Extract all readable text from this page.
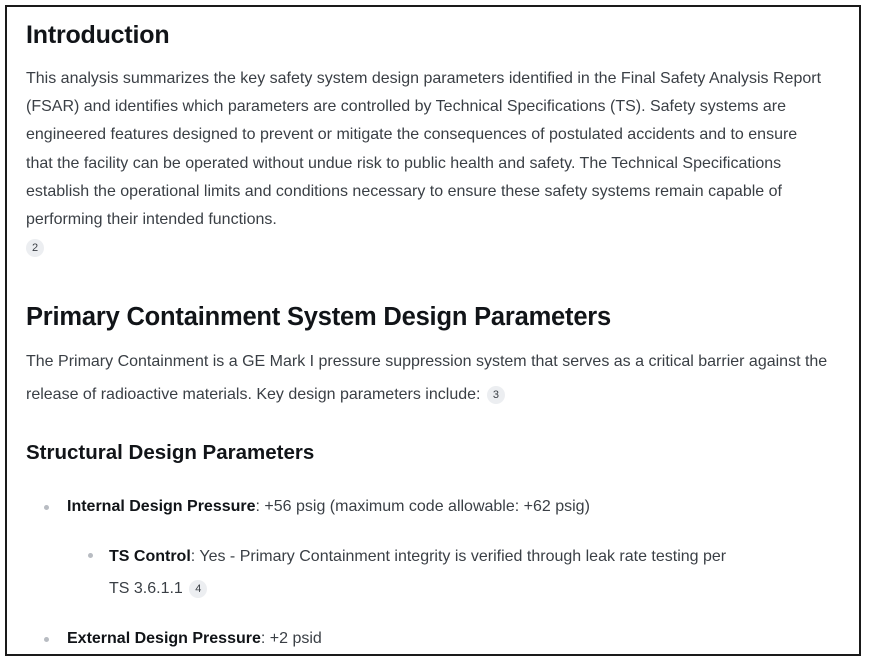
Introduction

This analysis summarizes the key safety system design parameters identified in the Final Safety Analysis Report (FSAR) and identifies which parameters are controlled by Technical Specifications (TS). Safety systems are engineered features designed to prevent or mitigate the consequences of postulated accidents and to ensure that the facility can be operated without undue risk to public health and safety. The Technical Specifications establish the operational limits and conditions necessary to ensure these safety systems remain capable of performing their intended functions.
2

Primary Containment System Design Parameters

The Primary Containment is a GE Mark I pressure suppression system that serves as a critical barrier against the release of radioactive materials. Key design parameters include: 3

Structural Design Parameters
Internal Design Pressure: +56 psig (maximum code allowable: +62 psig)
TS Control: Yes - Primary Containment integrity is verified through leak rate testing per
TS 3.6.1.1 4
External Design Pressure: +2 psid
